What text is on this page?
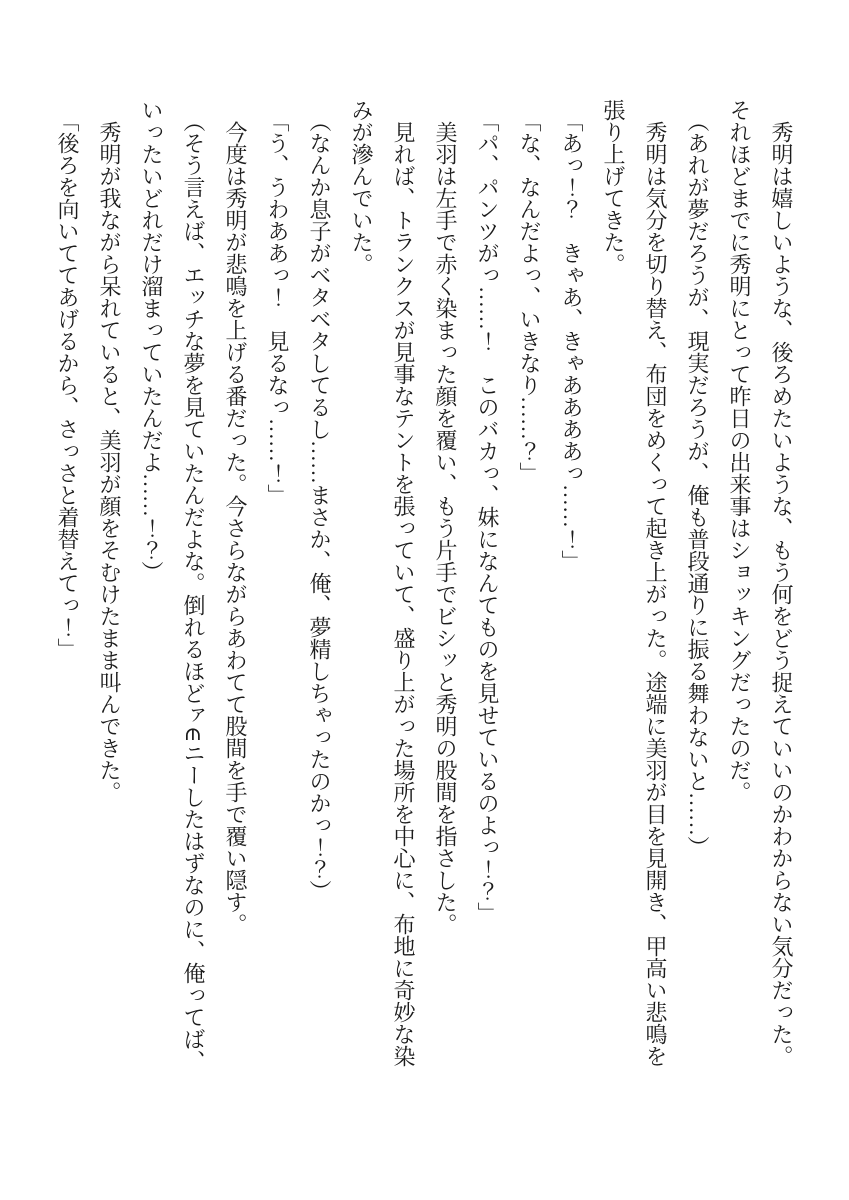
　秀明は嬉しいような、後ろめたいような、もう何をどう捉えていいのかわからない気分だった。
それほどまでに秀明にとって昨日の出来事はショッキングだったのだ。
　（あれが夢だろうが、現実だろうが、俺も普段通りに振る舞わないと……）
　秀明は気分を切り替え、布団をめくって起き上がった。途端に美羽が目を見開き、甲高い悲鳴を
張り上げてきた。
　「あっ！？　きゃあ、きゃああああっ……！」
　「な、なんだよっ、いきなり……？」
　「パ、パンツがっ……！　このバカっ、妹になんてものを見せているのよっ！？」
　美羽は左手で赤く染まった顔を覆い、もう片手でビシッと秀明の股間を指さした。
　見れば、トランクスが見事なテントを張っていて、盛り上がった場所を中心に、布地に奇妙な染
みが滲んでいた。
　（なんか息子がベタベタしてるし……まさか、俺、夢精しちゃったのかっ！？）
　「う、うわああっ！　見るなっ……！」
　今度は秀明が悲鳴を上げる番だった。今さらながらあわてて股間を手で覆い隠す。
　（そう言えば、エッチな夢を見ていたんだよな。倒れるほどァ∈ニーしたはずなのに、俺ってば、
いったいどれだけ溜まっていたんだよ……！？）
　秀明が我ながら呆れていると、美羽が顔をそむけたまま叫んできた。
　「後ろを向いててあげるから、さっさと着替えてっ！」
